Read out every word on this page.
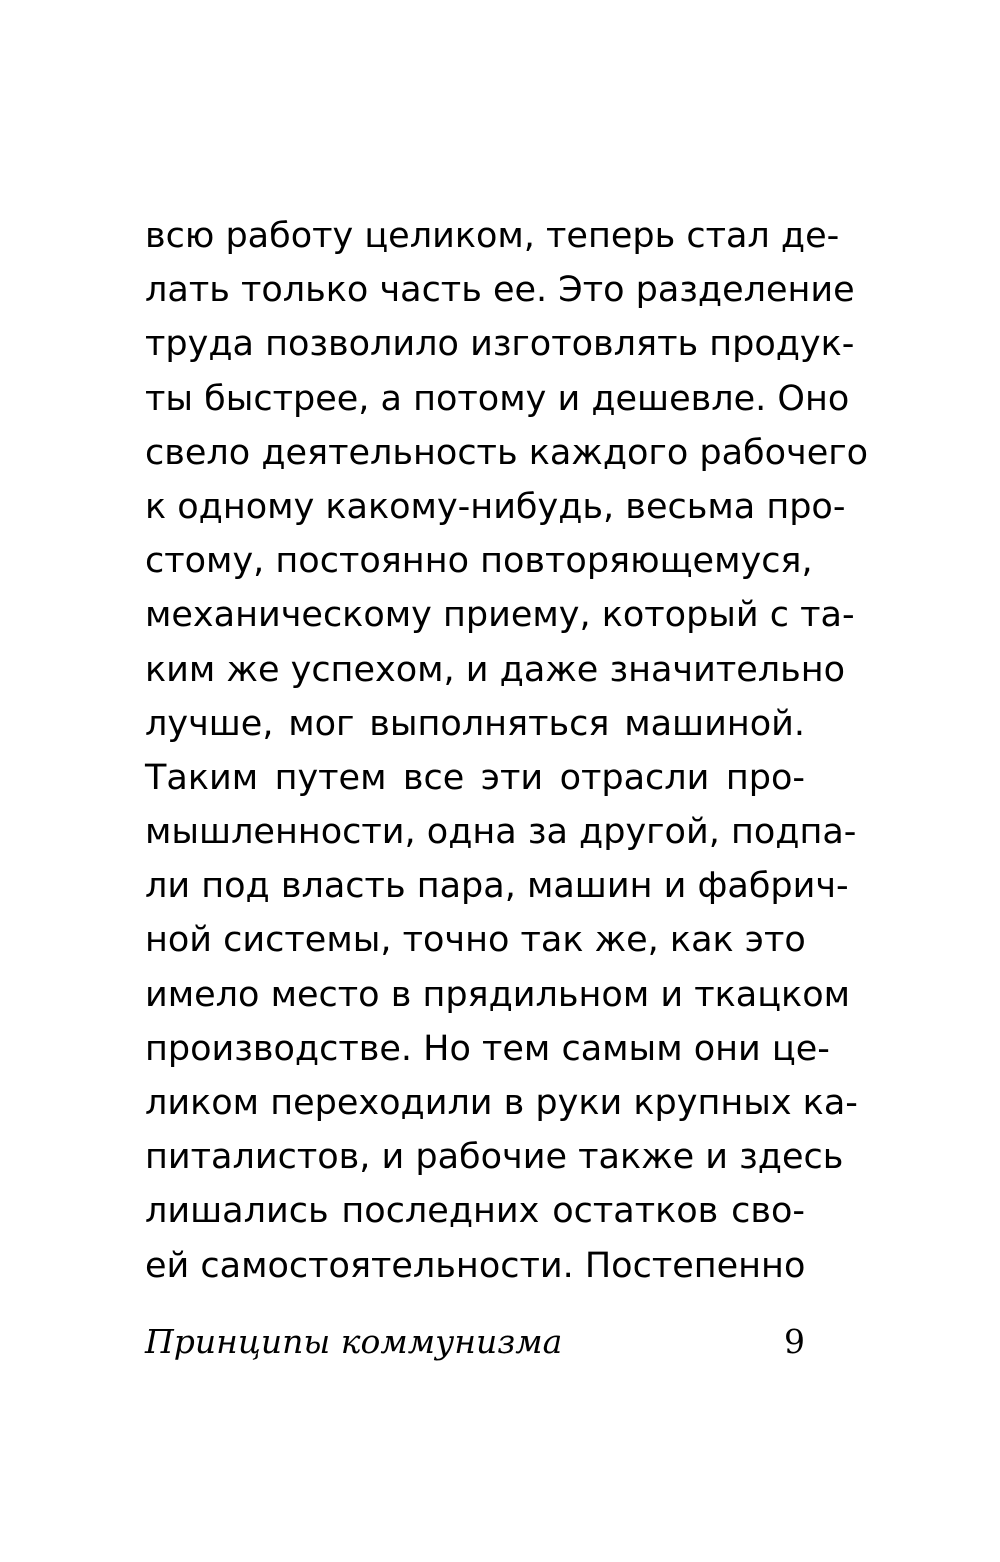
всю работу целиком, теперь стал де-
лать только часть ее. Это разделение
труда позволило изготовлять продук-
ты быстрее, а потому и дешевле. Оно
свело деятельность каждого рабочего
к одному какому-нибудь, весьма про-
стому, постоянно повторяющемуся,
механическому приему, который с та-
ким же успехом, и даже значительно
лучше, мог выполняться машиной.
Таким путем все эти отрасли про-
мышленности, одна за другой, подпа-
ли под власть пара, машин и фабрич-
ной системы, точно так же, как это
имело место в прядильном и ткацком
производстве. Но тем самым они це-
ликом переходили в руки крупных ка-
питалистов, и рабочие также и здесь
лишались последних остатков сво-
ей самостоятельности. Постепенно
Принципы коммунизма	9
